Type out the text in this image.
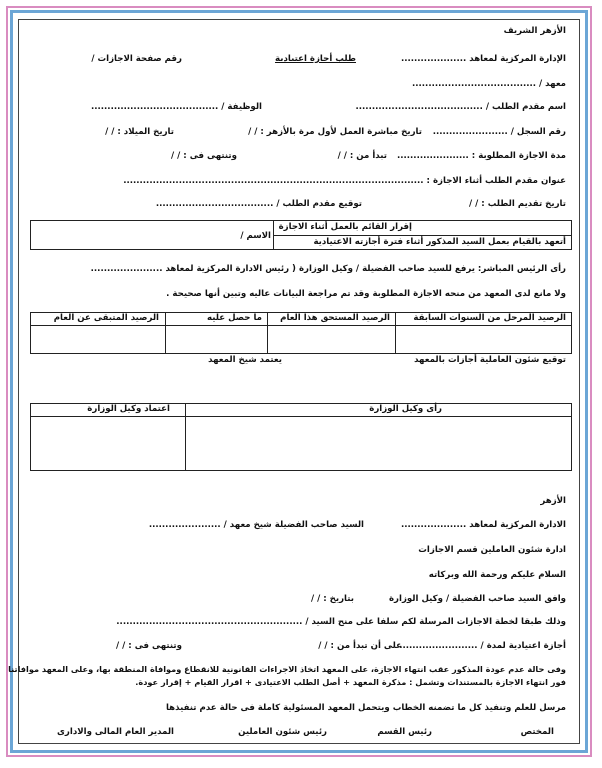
الأزهر الشريف
الإدارة المركزية لمعاهد ....................
طلب أجازة اعتيادية
رقم صفحة الاجازات /
معهد / ......................................
اسم مقدم الطلب / .......................................
الوظيفة / .......................................
رقم السجل / .......................
تاريخ مباشرة العمل لأول مرة بالأزهر : / /
تاريخ الميلاد : / /
مدة الاجازة المطلوبة : ......................
تبدأ من : / /
وتنتهى فى : / /
عنوان مقدم الطلب أثناء الاجازة : ............................................................................................
تاريخ تقديم الطلب : / /
توقيع مقدم الطلب / ....................................
إقرار القائم بالعمل أثناء الاجازة
أتعهد بالقيام بعمل السيد المذكور أثناء فترة أجازته الاعتيادية
الاسم /
رأى الرئيس المباشر: يرفع للسيد صاحب الفضيلة / وكيل الوزارة ( رئيس الادارة المركزية لمعاهد ......................
ولا مانع لدى المعهد من منحه الاجازة المطلوبة وقد تم مراجعة البيانات عاليه وتبين أنها صحيحة .
الرصيد المرحل من السنوات السابقة
الرصيد المستحق هذا العام
ما حصل عليه
الرصيد المتبقى عن العام
توقيع شئون العاملية أجازات بالمعهد
يعتمد شيخ المعهد
رأى وكيل الوزارة
اعتماد وكيل الوزارة
الأزهر
الادارة المركزية لمعاهد ....................
السيد صاحب الفضيلة شيخ معهد / ......................
ادارة شئون العاملين قسم الاجازات
السلام عليكم ورحمة الله وبركاته
وافق السيد صاحب الفضيلة / وكيل الوزارة
بتاريخ : / /
وذلك طبقا لخطة الاجازات المرسلة لكم سلفا على منح السيد / .........................................................
أجازة اعتيادية لمدة / ........................
على أن تبدأ من : / /
وتنتهى فى : / /
وفى حالة عدم عودة المذكور عقب انتهاء الاجازة، على المعهد اتخاذ الاجراءات القانونية للانقطاع وموافاة المنطقة بها، وعلى المعهد موافاتنا
فور انتهاء الاجازة بالمستندات وتشمل : مذكرة المعهد + أصل الطلب الاعتيادى + اقرار القيام + إقرار عودة.
مرسل للعلم وتنفيذ كل ما تضمنه الخطاب ويتحمل المعهد المسئولية كاملة فى حالة عدم تنفيذها
المختص
رئيس القسم
رئيس شئون العاملين
المدير العام المالى والادارى
